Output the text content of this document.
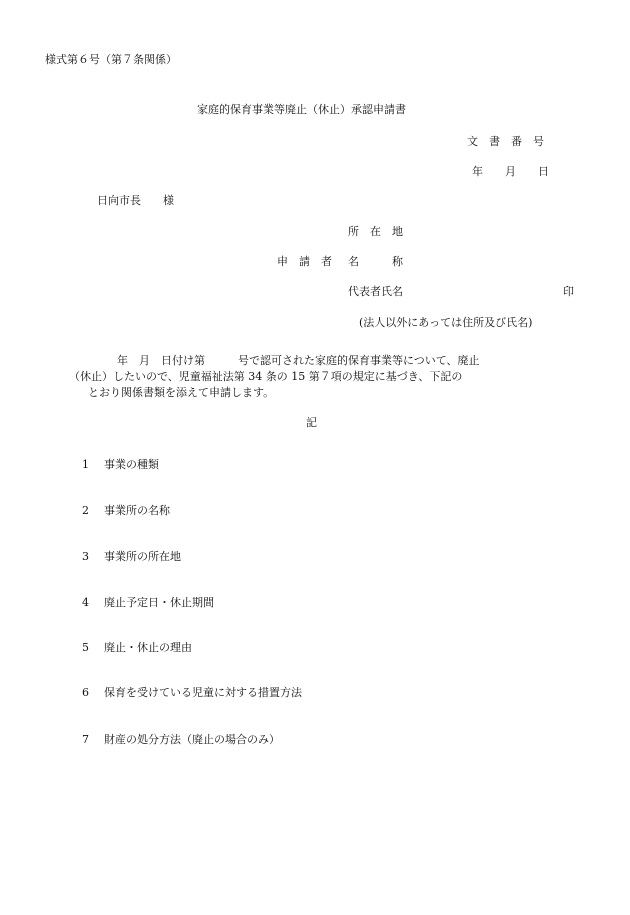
様式第６号（第７条関係）
家庭的保育事業等廃止（休止）承認申請書
文　書　番　号
年　　月　　日
日向市長　　様
所　在　地
申　請　者 名　　　称
代表者氏名	印
(法人以外にあっては住所及び氏名)
年　月　日付け第　　　号で認可された家庭的保育事業等について、廃止
（休止）したいので、児童福祉法第 34 条の 15 第７項の規定に基づき、下記の
とおり関係書類を添えて申請します。
記
1 事業の種類
2 事業所の名称
3 事業所の所在地
4 廃止予定日・休止期間
5 廃止・休止の理由
6 保育を受けている児童に対する措置方法
7 財産の処分方法（廃止の場合のみ）
